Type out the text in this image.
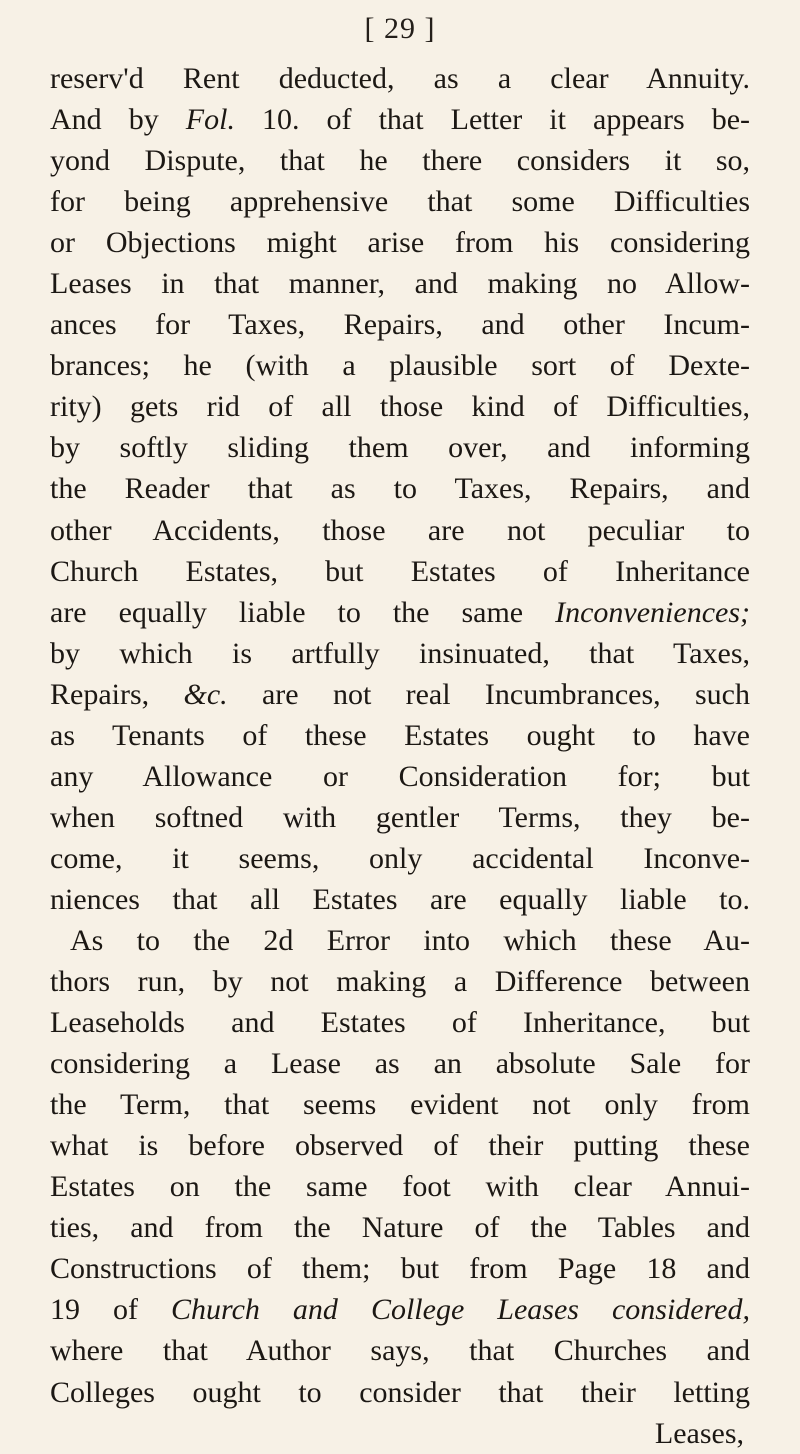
[ 29 ]
reserv'd Rent deducted, as a clear Annuity.
And by Fol. 10. of that Letter it appears be-
yond Dispute, that he there considers it so,
for being apprehensive that some Difficulties
or Objections might arise from his considering
Leases in that manner, and making no Allow-
ances for Taxes, Repairs, and other Incum-
brances; he (with a plausible sort of Dexte-
rity) gets rid of all those kind of Difficulties,
by softly sliding them over, and informing
the Reader that as to Taxes, Repairs, and
other Accidents, those are not peculiar to
Church Estates, but Estates of Inheritance
are equally liable to the same Inconveniences;
by which is artfully insinuated, that Taxes,
Repairs, &c. are not real Incumbrances, such
as Tenants of these Estates ought to have
any Allowance or Consideration for; but
when softned with gentler Terms, they be-
come, it seems, only accidental Inconve-
niences that all Estates are equally liable to.
As to the 2d Error into which these Au-
thors run, by not making a Difference between
Leaseholds and Estates of Inheritance, but
considering a Lease as an absolute Sale for
the Term, that seems evident not only from
what is before observed of their putting these
Estates on the same foot with clear Annui-
ties, and from the Nature of the Tables and
Constructions of them; but from Page 18 and
19 of Church and College Leases considered,
where that Author says, that Churches and
Colleges ought to consider that their letting
Leases,
